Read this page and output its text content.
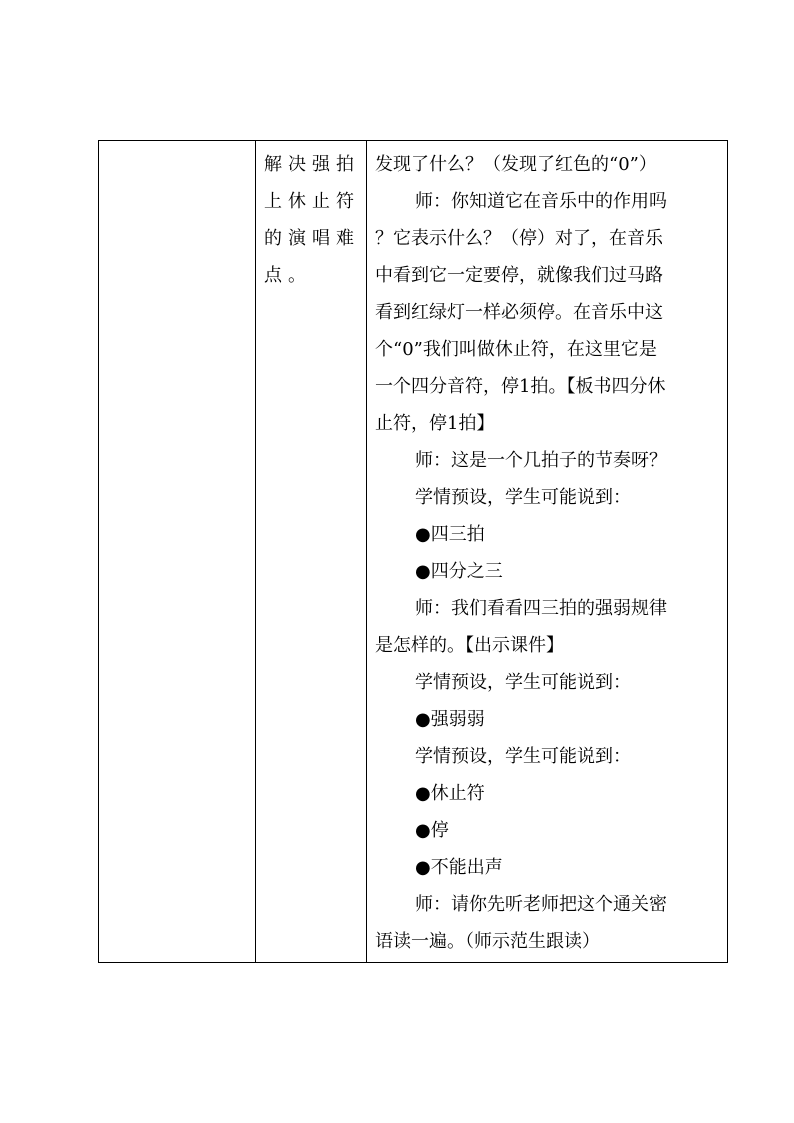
解决强拍
上休止符
的演唱难
点。

发现了什么？（发现了红色的“0”）

师：你知道它在音乐中的作用吗

？它表示什么？（停）对了，在音乐

中看到它一定要停，就像我们过马路

看到红绿灯一样必须停。在音乐中这

个“0”我们叫做休止符，在这里它是

一个四分音符，停1拍。【板书四分休

止符，停1拍】

师：这是一个几拍子的节奏呀？

学情预设，学生可能说到：

●四三拍

●四分之三

师：我们看看四三拍的强弱规律

是怎样的。【出示课件】

学情预设，学生可能说到：

●强弱弱

学情预设，学生可能说到：

●休止符

●停

●不能出声

师：请你先听老师把这个通关密

语读一遍。（师示范生跟读）
